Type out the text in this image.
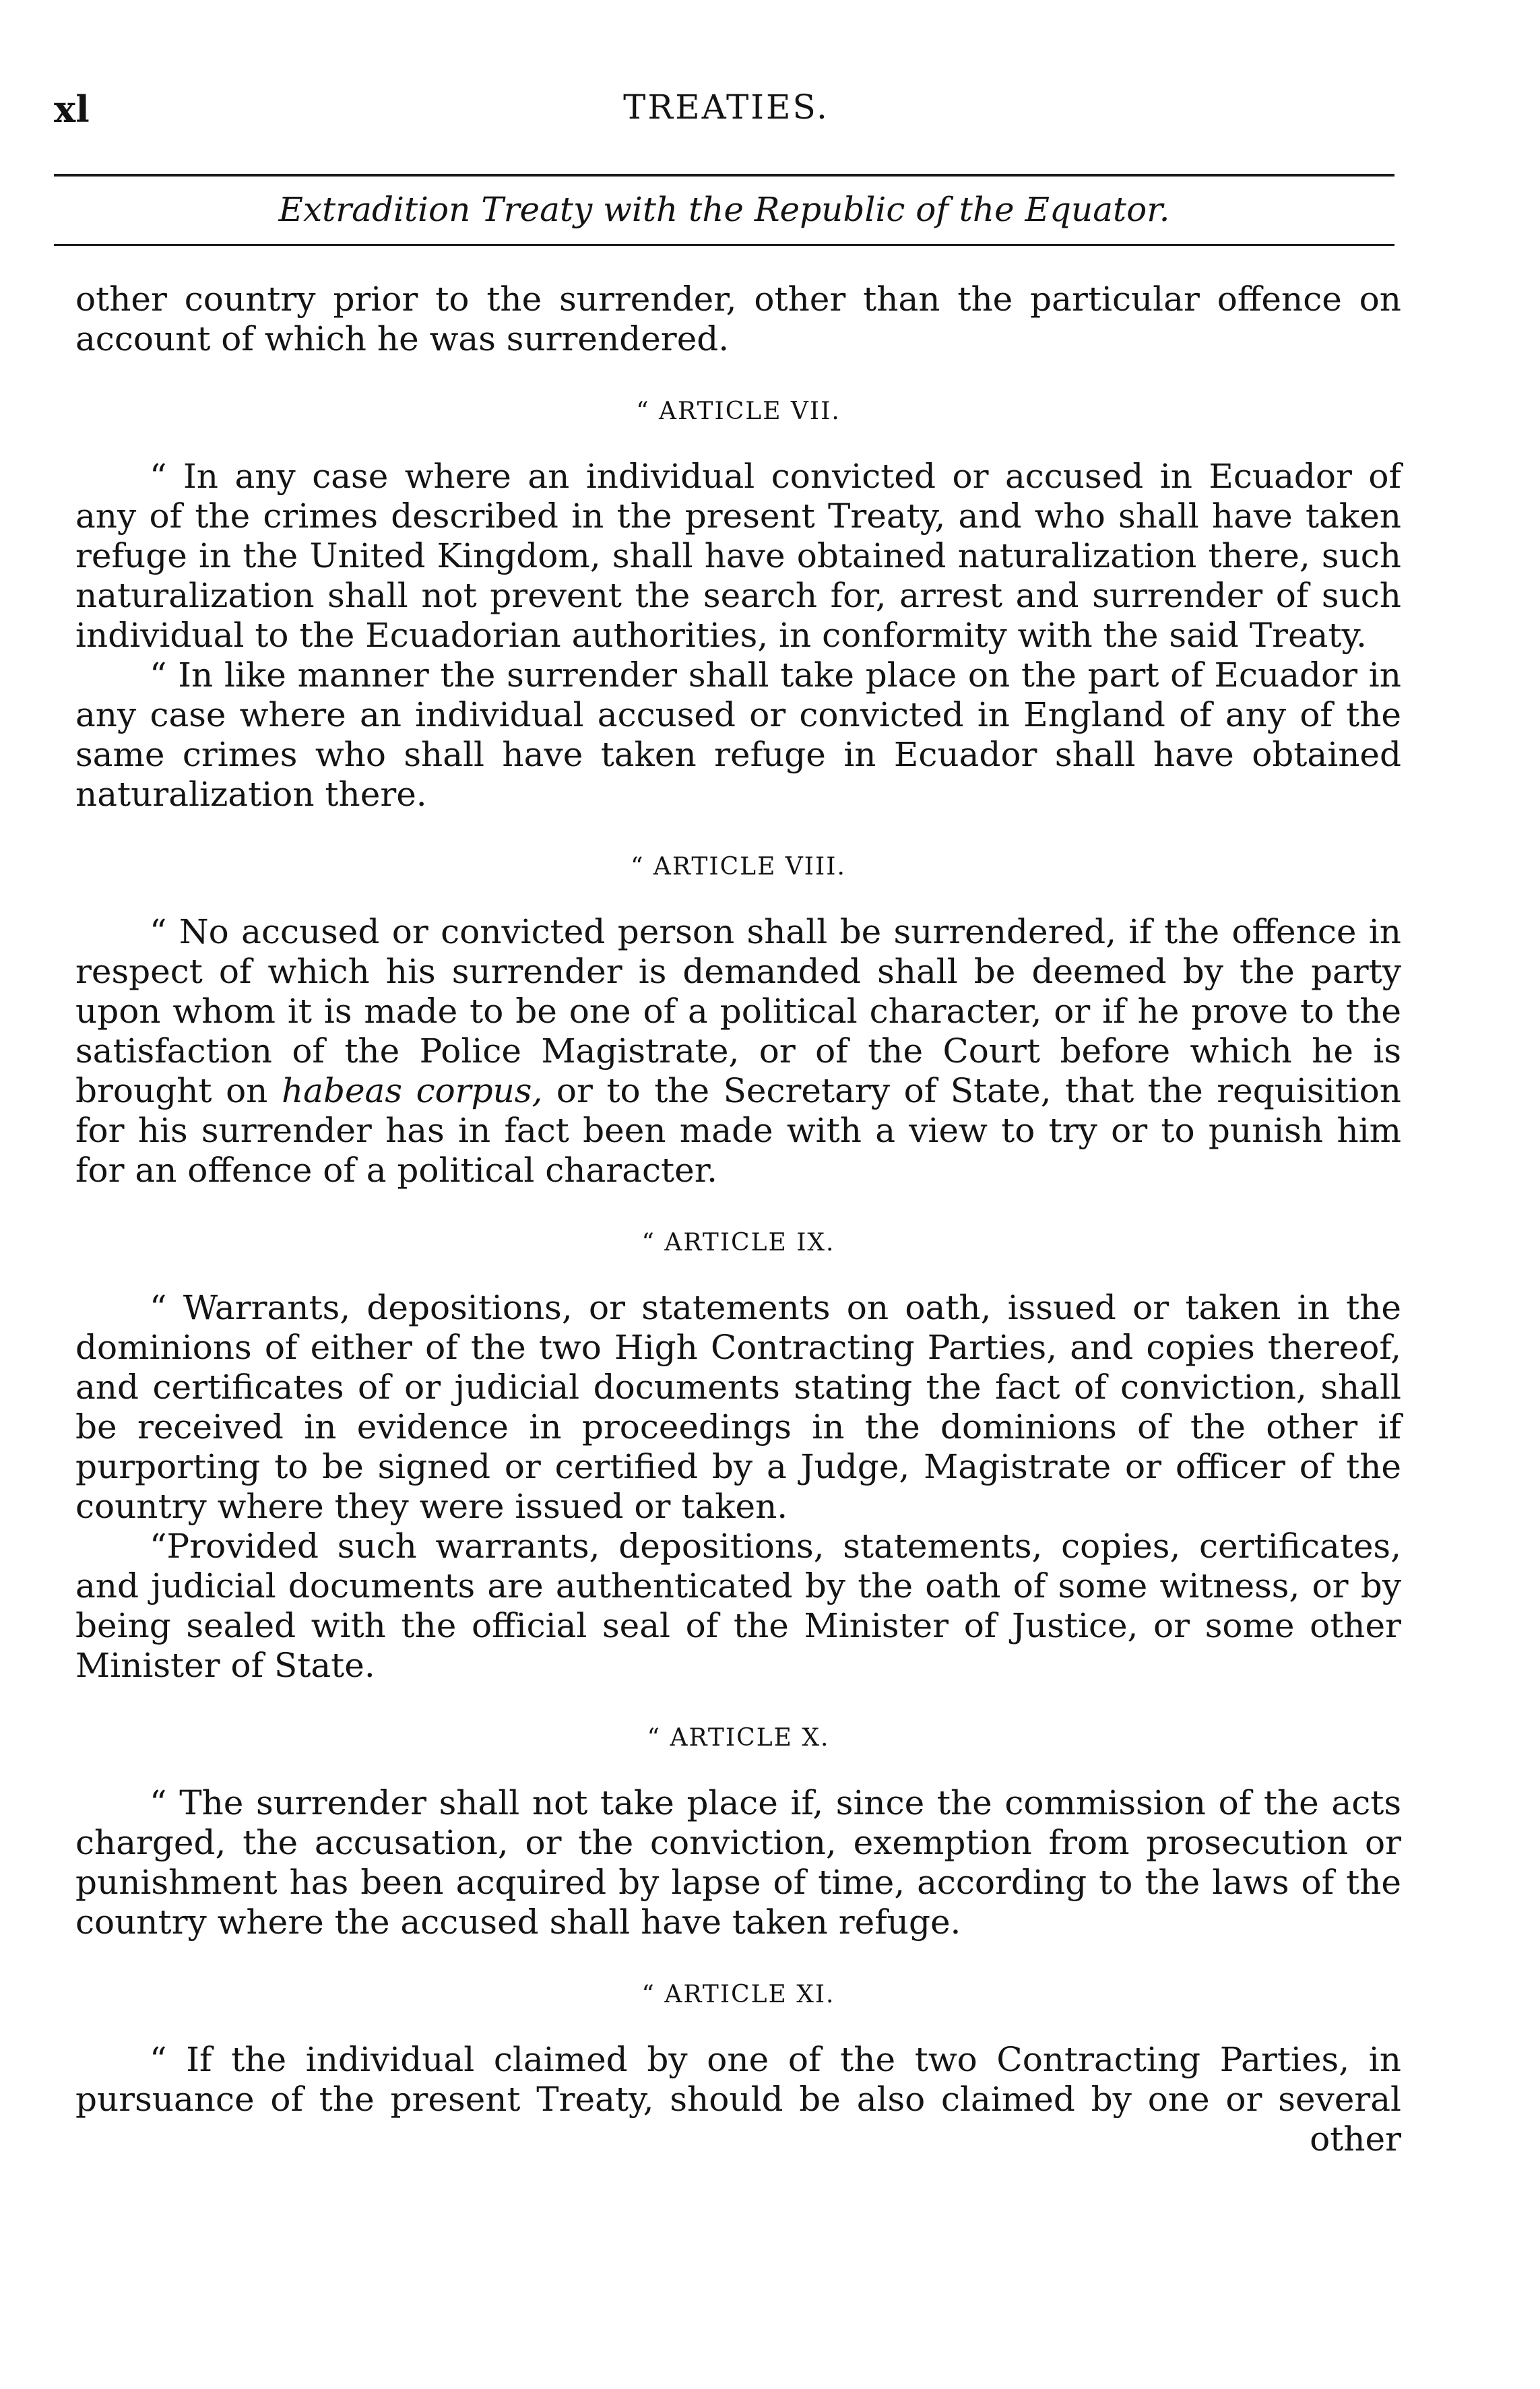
xl	TREATIES.
Extradition Treaty with the Republic of the Equator.

other country prior to the surrender, other than the particular offence on account of which he was surrendered.

“ ARTICLE VII.

“ In any case where an individual convicted or accused in Ecuador of any of the crimes described in the present Treaty, and who shall have taken refuge in the United Kingdom, shall have obtained naturalization there, such naturalization shall not prevent the search for, arrest and surrender of such individual to the Ecuadorian authorities, in conformity with the said Treaty.

“ In like manner the surrender shall take place on the part of Ecuador in any case where an individual accused or convicted in England of any of the same crimes who shall have taken refuge in Ecuador shall have obtained naturalization there.

“ ARTICLE VIII.

“ No accused or convicted person shall be surrendered, if the offence in respect of which his surrender is demanded shall be deemed by the party upon whom it is made to be one of a political character, or if he prove to the satisfaction of the Police Magistrate, or of the Court before which he is brought on habeas corpus, or to the Secretary of State, that the requisition for his surrender has in fact been made with a view to try or to punish him for an offence of a political character.

“ ARTICLE IX.

“ Warrants, depositions, or statements on oath, issued or taken in the dominions of either of the two High Contracting Parties, and copies thereof, and certificates of or judicial documents stating the fact of conviction, shall be received in evidence in proceedings in the dominions of the other if purporting to be signed or certified by a Judge, Magistrate or officer of the country where they were issued or taken.

“Provided such warrants, depositions, statements, copies, certificates, and judicial documents are authenticated by the oath of some witness, or by being sealed with the official seal of the Minister of Justice, or some other Minister of State.

“ ARTICLE X.

“ The surrender shall not take place if, since the commission of the acts charged, the accusation, or the conviction, exemption from prosecution or punishment has been acquired by lapse of time, according to the laws of the country where the accused shall have taken refuge.

“ ARTICLE XI.

“ If the individual claimed by one of the two Contracting Parties, in pursuance of the present Treaty, should be also claimed by one or several

other
